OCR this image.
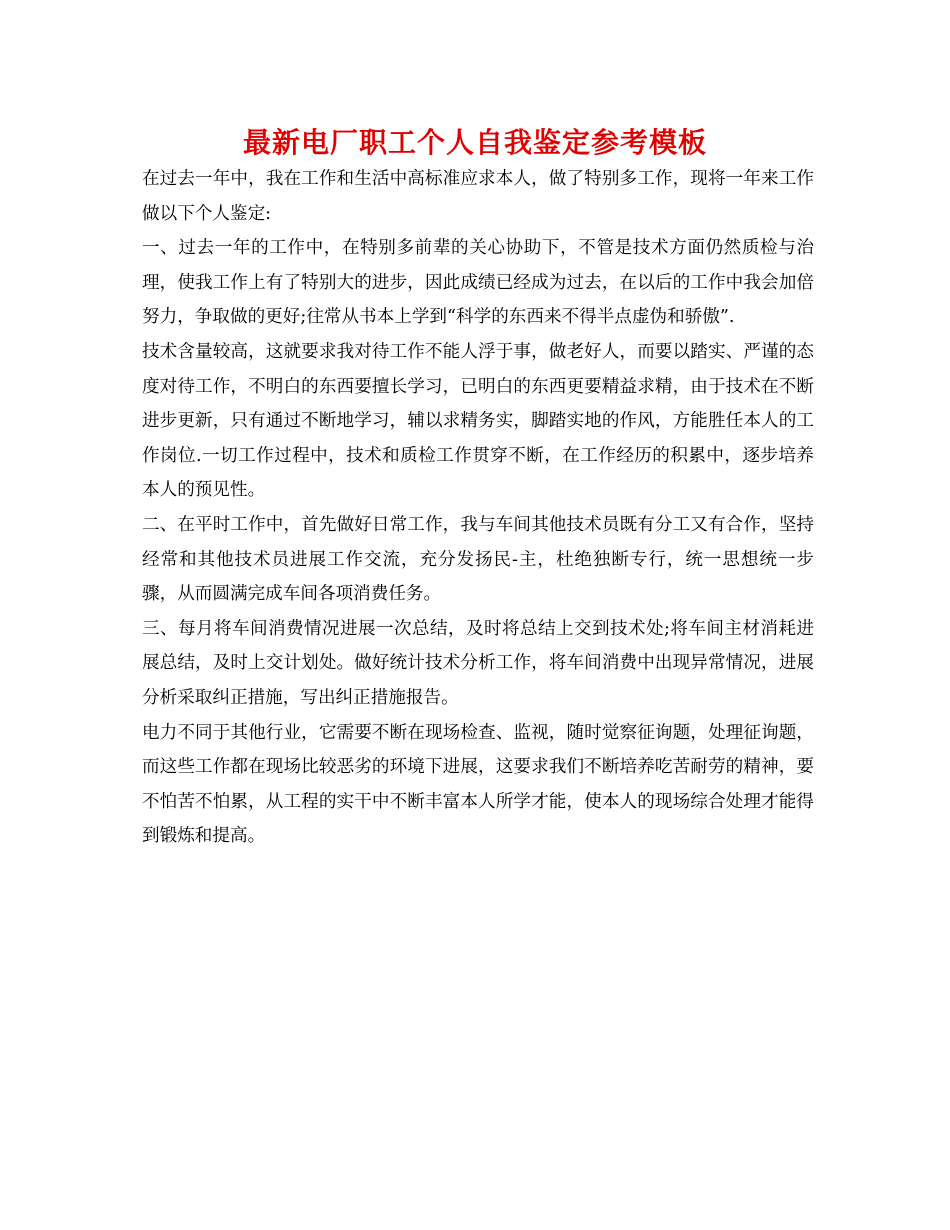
最新电厂职工个人自我鉴定参考模板

在过去一年中，我在工作和生活中高标准应求本人，做了特别多工作，现将一年来工作做以下个人鉴定:

一、过去一年的工作中，在特别多前辈的关心协助下，不管是技术方面仍然质检与治理，使我工作上有了特别大的进步，因此成绩已经成为过去，在以后的工作中我会加倍努力，争取做的更好;往常从书本上学到“科学的东西来不得半点虚伪和骄傲”.

技术含量较高，这就要求我对待工作不能人浮于事，做老好人，而要以踏实、严谨的态度对待工作，不明白的东西要擅长学习，已明白的东西更要精益求精，由于技术在不断进步更新，只有通过不断地学习，辅以求精务实，脚踏实地的作风，方能胜任本人的工作岗位.一切工作过程中，技术和质检工作贯穿不断，在工作经历的积累中，逐步培养本人的预见性。

二、在平时工作中，首先做好日常工作，我与车间其他技术员既有分工又有合作，坚持经常和其他技术员进展工作交流，充分发扬民-主，杜绝独断专行，统一思想统一步骤，从而圆满完成车间各项消费任务。

三、每月将车间消费情况进展一次总结，及时将总结上交到技术处;将车间主材消耗进展总结，及时上交计划处。做好统计技术分析工作，将车间消费中出现异常情况，进展分析采取纠正措施，写出纠正措施报告。

电力不同于其他行业，它需要不断在现场检查、监视，随时觉察征询题，处理征询题，而这些工作都在现场比较恶劣的环境下进展，这要求我们不断培养吃苦耐劳的精神，要不怕苦不怕累，从工程的实干中不断丰富本人所学才能，使本人的现场综合处理才能得到锻炼和提高。
